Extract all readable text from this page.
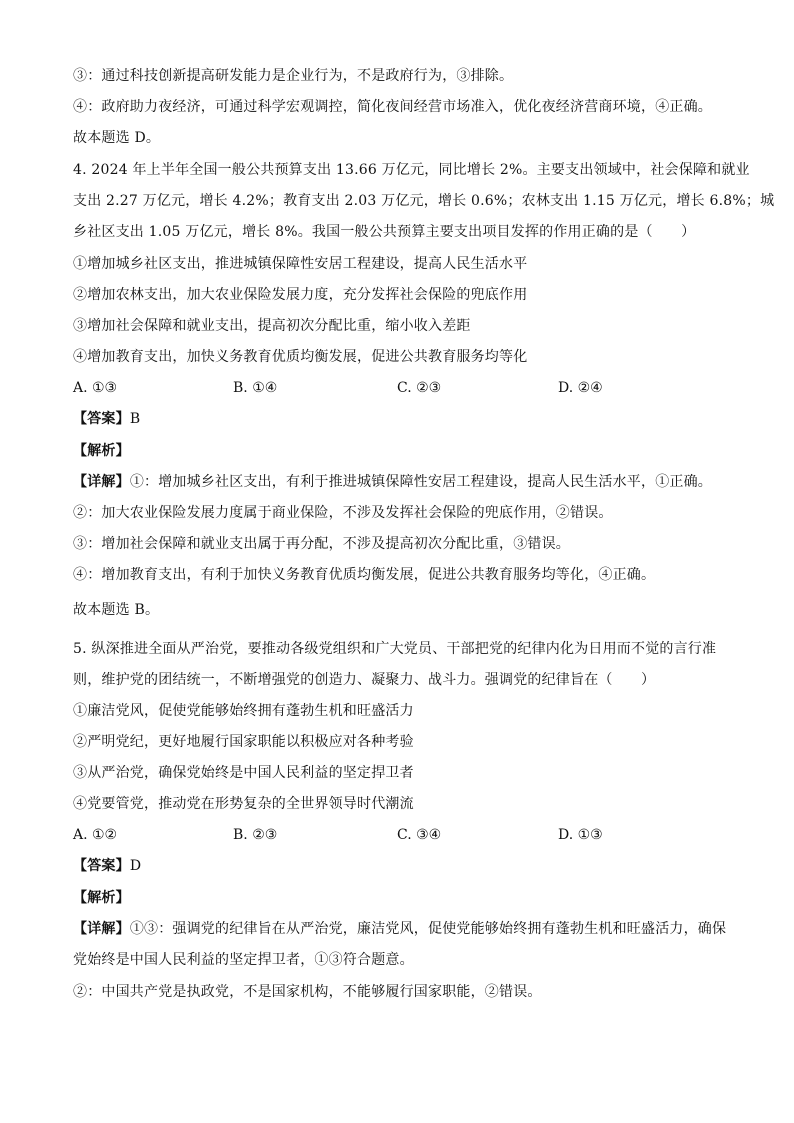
③：通过科技创新提高研发能力是企业行为，不是政府行为，③排除。
④：政府助力夜经济，可通过科学宏观调控，简化夜间经营市场准入，优化夜经济营商环境，④正确。
故本题选 D。
4. 2024 年上半年全国一般公共预算支出 13.66 万亿元，同比增长 2%。主要支出领域中，社会保障和就业
支出 2.27 万亿元，增长 4.2%；教育支出 2.03 万亿元，增长 0.6%；农林支出 1.15 万亿元，增长 6.8%；城
乡社区支出 1.05 万亿元，增长 8%。我国一般公共预算主要支出项目发挥的作用正确的是（　　）
①增加城乡社区支出，推进城镇保障性安居工程建设，提高人民生活水平
②增加农林支出，加大农业保险发展力度，充分发挥社会保险的兜底作用
③增加社会保障和就业支出，提高初次分配比重，缩小收入差距
④增加教育支出，加快义务教育优质均衡发展，促进公共教育服务均等化
A. ①③	B. ①④	C. ②③	D. ②④
【答案】B
【解析】
【详解】①：增加城乡社区支出，有利于推进城镇保障性安居工程建设，提高人民生活水平，①正确。
②：加大农业保险发展力度属于商业保险，不涉及发挥社会保险的兜底作用，②错误。
③：增加社会保障和就业支出属于再分配，不涉及提高初次分配比重，③错误。
④：增加教育支出，有利于加快义务教育优质均衡发展，促进公共教育服务均等化，④正确。
故本题选 B。
5. 纵深推进全面从严治党，要推动各级党组织和广大党员、干部把党的纪律内化为日用而不觉的言行准
则，维护党的团结统一，不断增强党的创造力、凝聚力、战斗力。强调党的纪律旨在（　　）
①廉洁党风，促使党能够始终拥有蓬勃生机和旺盛活力
②严明党纪，更好地履行国家职能以积极应对各种考验
③从严治党，确保党始终是中国人民利益的坚定捍卫者
④党要管党，推动党在形势复杂的全世界领导时代潮流
A. ①②	B. ②③	C. ③④	D. ①③
【答案】D
【解析】
【详解】①③：强调党的纪律旨在从严治党，廉洁党风，促使党能够始终拥有蓬勃生机和旺盛活力，确保
党始终是中国人民利益的坚定捍卫者，①③符合题意。
②：中国共产党是执政党，不是国家机构，不能够履行国家职能，②错误。
